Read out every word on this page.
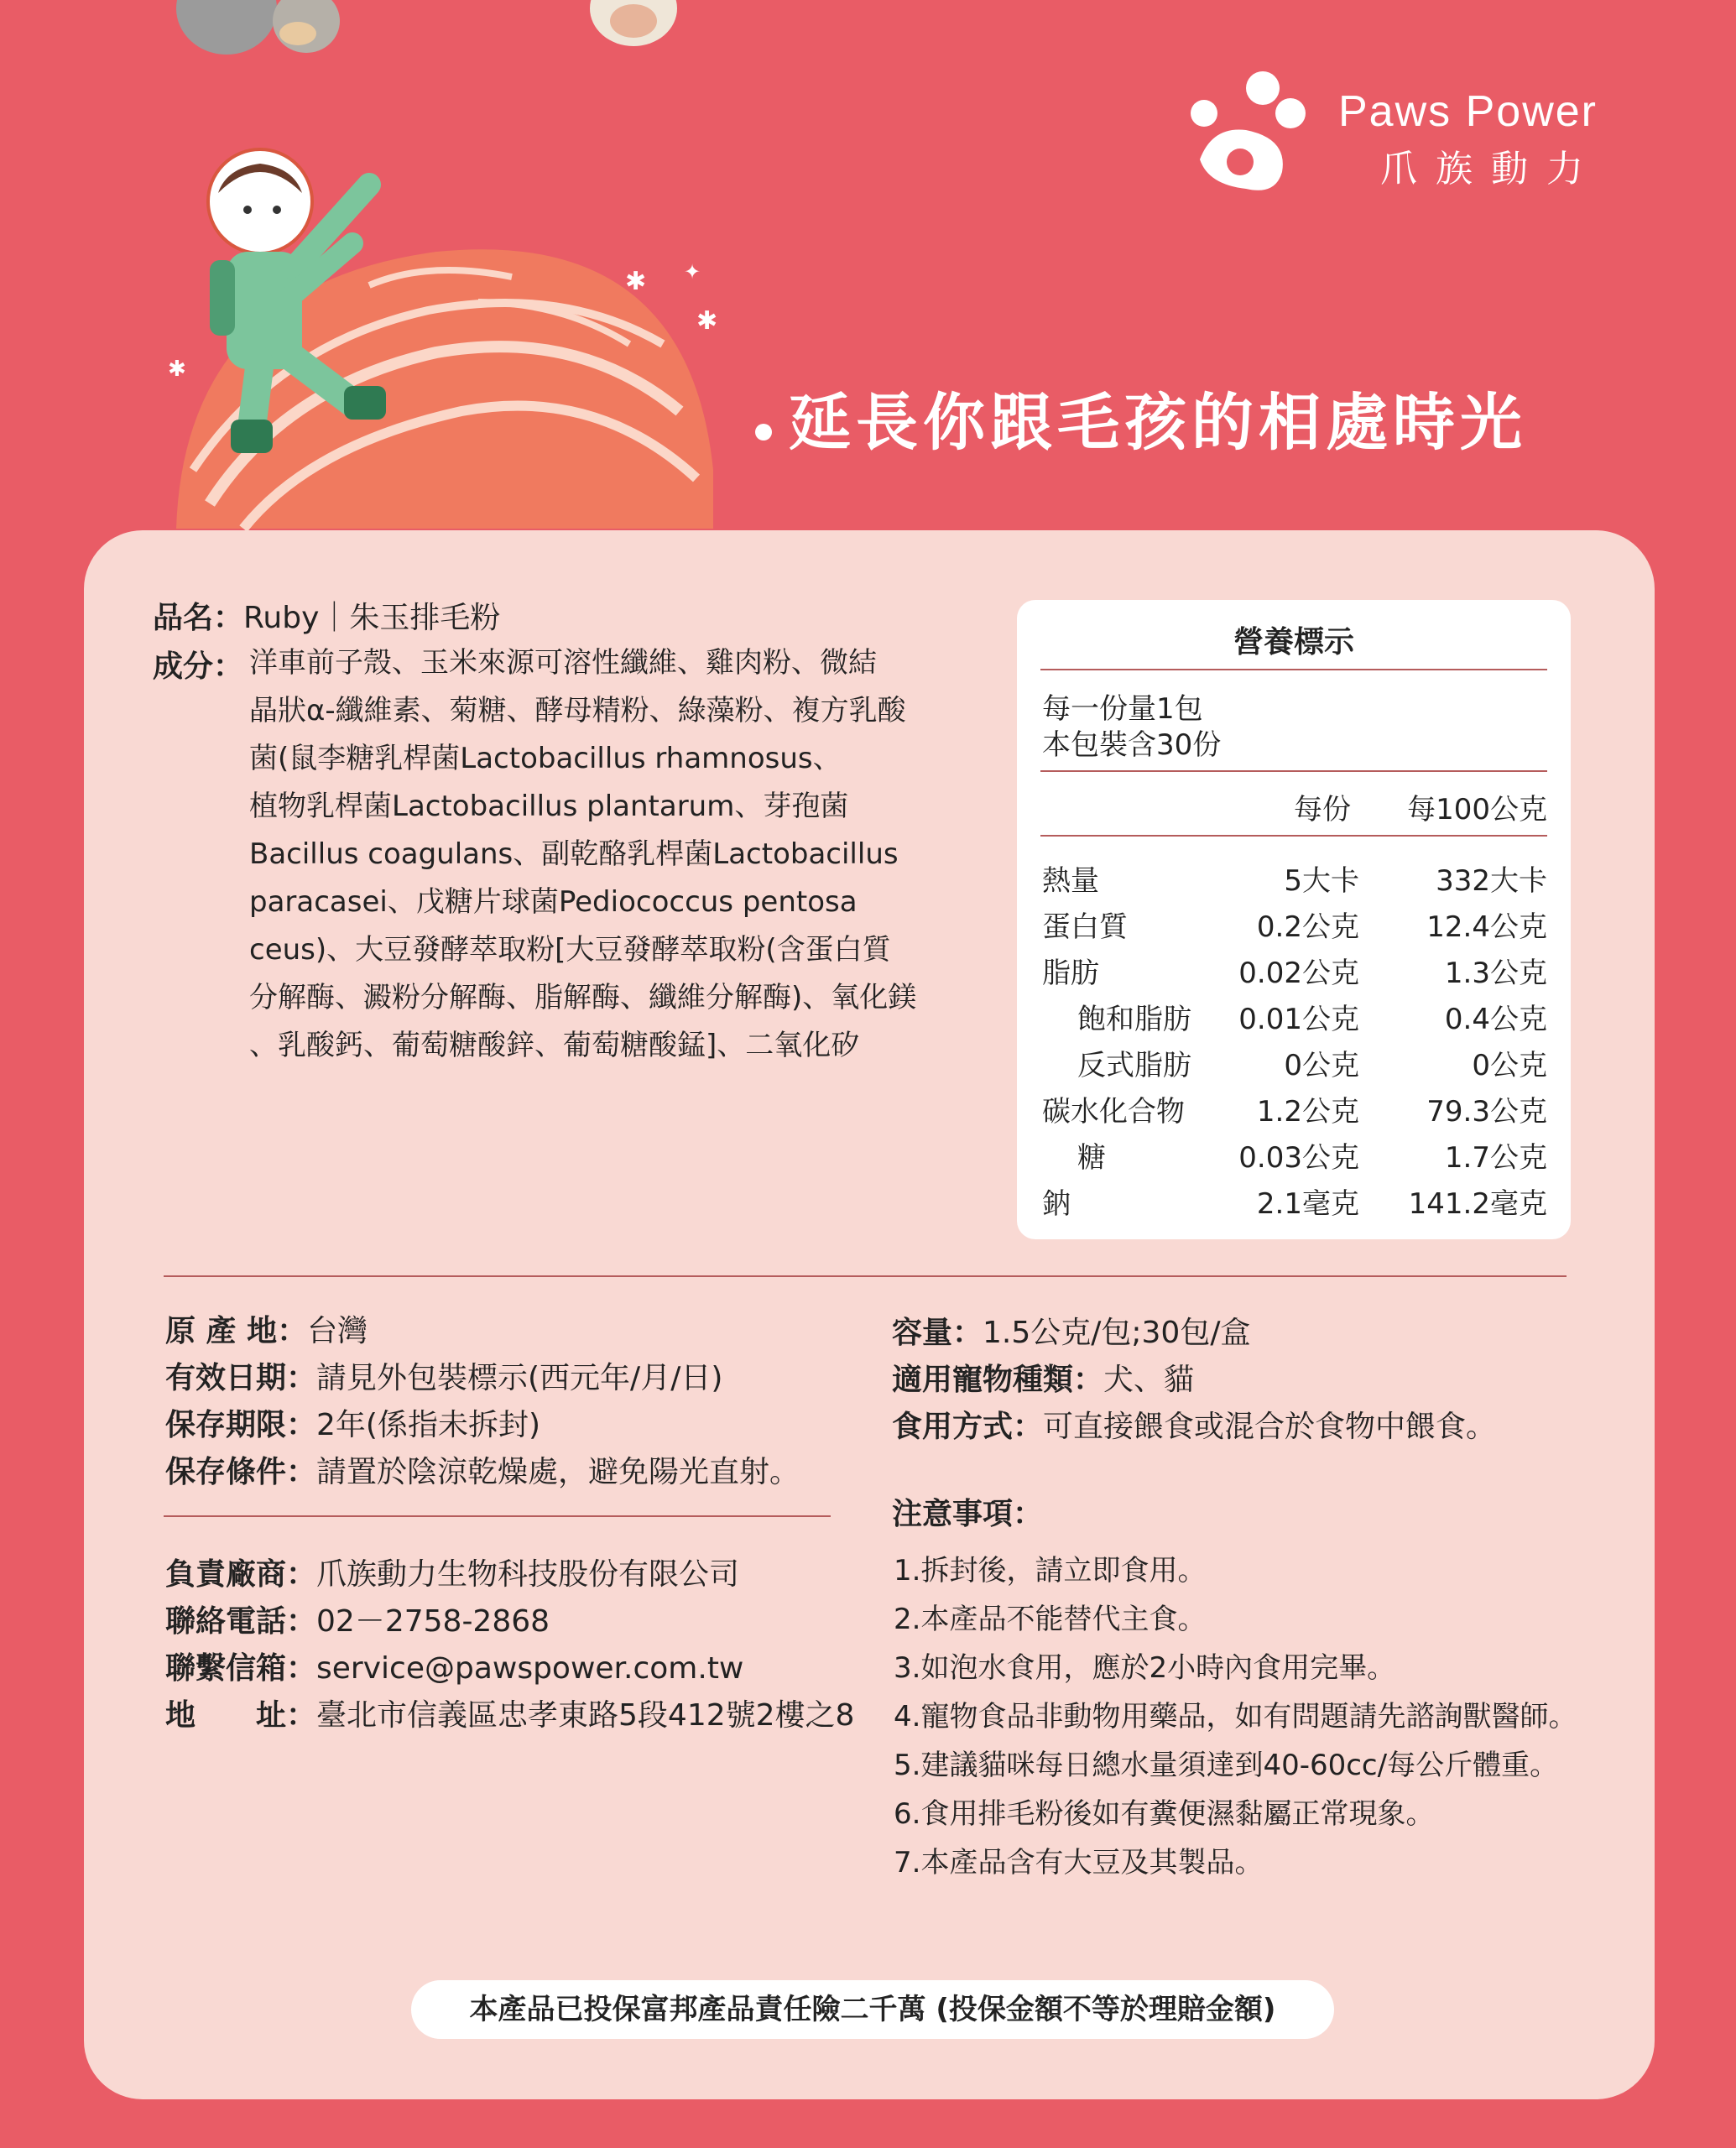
✱ ✦
✱
✱
Paws Power
爪族動力
延長你跟毛孩的相處時光
品名：Ruby｜朱玉排毛粉
成分： 洋車前子殼、玉米來源可溶性纖維、雞肉粉、微結
晶狀α-纖維素、菊糖、酵母精粉、綠藻粉、複方乳酸
菌(鼠李糖乳桿菌Lactobacillus rhamnosus、
植物乳桿菌Lactobacillus plantarum、芽孢菌
Bacillus coagulans、副乾酪乳桿菌Lactobacillus
paracasei、戊糖片球菌Pediococcus pentosa
ceus)、大豆發酵萃取粉[大豆發酵萃取粉(含蛋白質
分解酶、澱粉分解酶、脂解酶、纖維分解酶)、氧化鎂
、乳酸鈣、葡萄糖酸鋅、葡萄糖酸錳]、二氧化矽
營養標示
每一份量1包
本包裝含30份
每份 每100公克
熱量	5大卡	332大卡
蛋白質	0.2公克 12.4公克
脂肪	0.02公克	1.3公克
飽和脂肪 0.01公克	0.4公克
反式脂肪	0公克	0公克
碳水化合物	1.2公克 79.3公克
糖	0.03公克	1.7公克
鈉	2.1毫克 141.2毫克
原 產 地：台灣
有效日期：請見外包裝標示(西元年/月/日)
保存期限：2年(係指未拆封)
保存條件：請置於陰涼乾燥處，避免陽光直射。
負責廠商：爪族動力生物科技股份有限公司
聯絡電話：02－2758-2868
聯繫信箱：service@pawspower.com.tw
地　　址：臺北市信義區忠孝東路5段412號2樓之8
容量：1.5公克/包;30包/盒
適用寵物種類：犬、貓
食用方式：可直接餵食或混合於食物中餵食。
注意事項：
1.拆封後，請立即食用。
2.本產品不能替代主食。
3.如泡水食用，應於2小時內食用完畢。
4.寵物食品非動物用藥品，如有問題請先諮詢獸醫師。
5.建議貓咪每日總水量須達到40-60cc/每公斤體重。
6.食用排毛粉後如有糞便濕黏屬正常現象。
7.本產品含有大豆及其製品。
本產品已投保富邦產品責任險二千萬 (投保金額不等於理賠金額)
